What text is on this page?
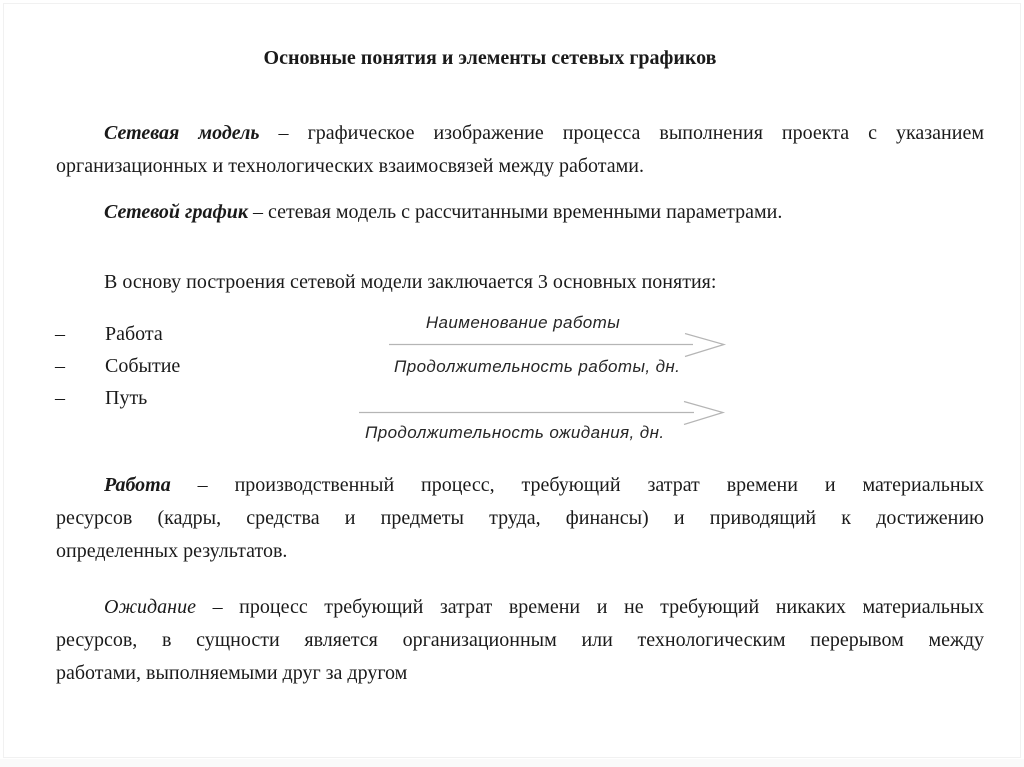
Основные понятия и элементы сетевых графиков
Сетевая модель – графическое изображение процесса выполнения проекта с указанием
организационных и технологических взаимосвязей между работами.
Сетевой график – сетевая модель с рассчитанными временными параметрами.
В основу построения сетевой модели заключается 3 основных понятия:
–	Работа
–	Событие
–	Путь
Наименование работы
Продолжительность работы, дн.
Продолжительность ожидания, дн.
Работа – производственный процесс, требующий затрат времени и материальных
ресурсов (кадры, средства и предметы труда, финансы) и приводящий к достижению
определенных результатов.
Ожидание – процесс требующий затрат времени и не требующий никаких материальных
ресурсов, в сущности является организационным или технологическим перерывом между
работами, выполняемыми друг за другом
